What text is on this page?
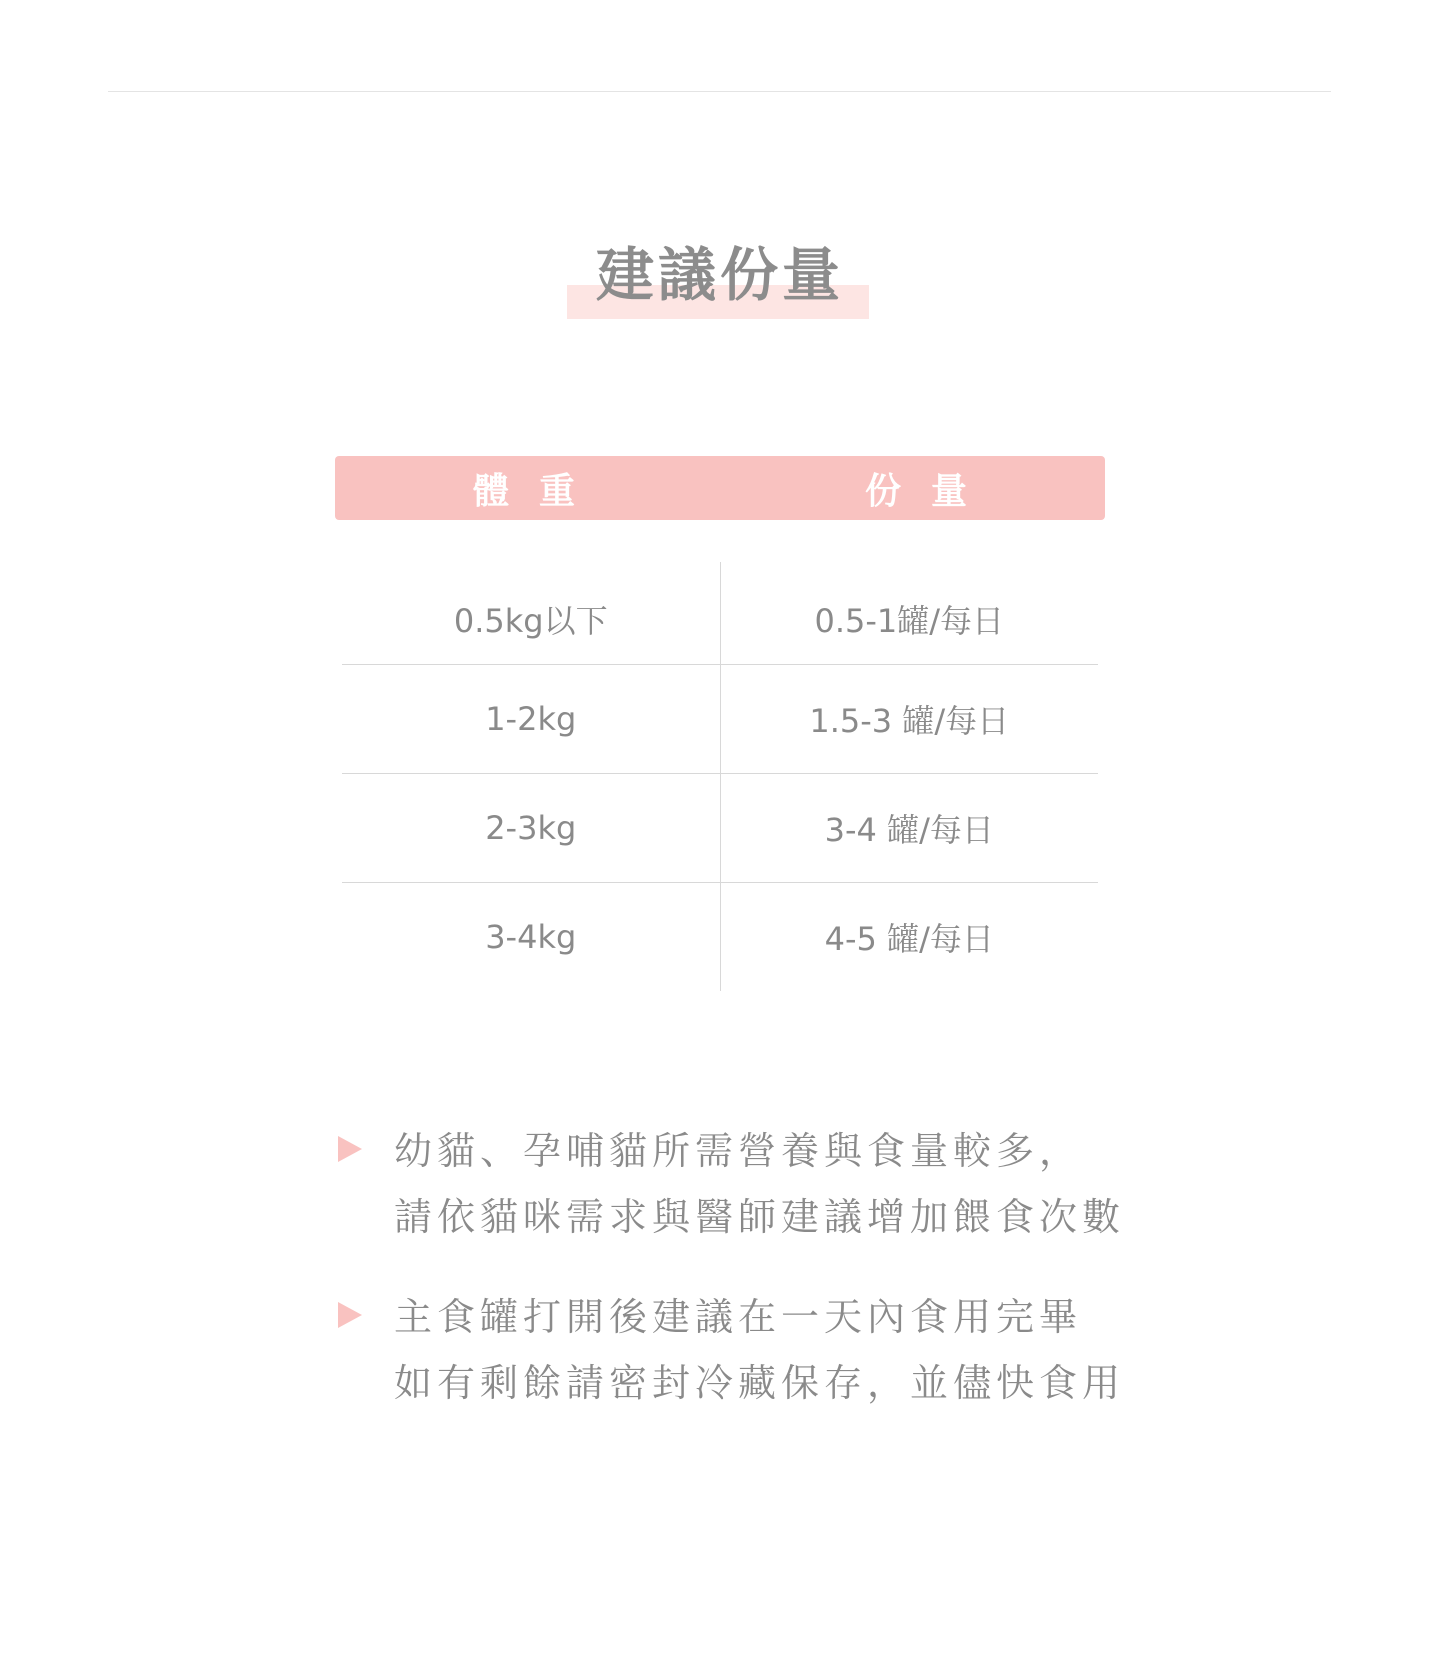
建議份量
體重	份量
0.5kg以下	0.5-1罐/每日
1-2kg	1.5-3 罐/每日
2-3kg	3-4 罐/每日
3-4kg	4-5 罐/每日
幼貓、孕哺貓所需營養與食量較多，
請依貓咪需求與醫師建議增加餵食次數
主食罐打開後建議在一天內食用完畢
如有剩餘請密封冷藏保存，並儘快食用
